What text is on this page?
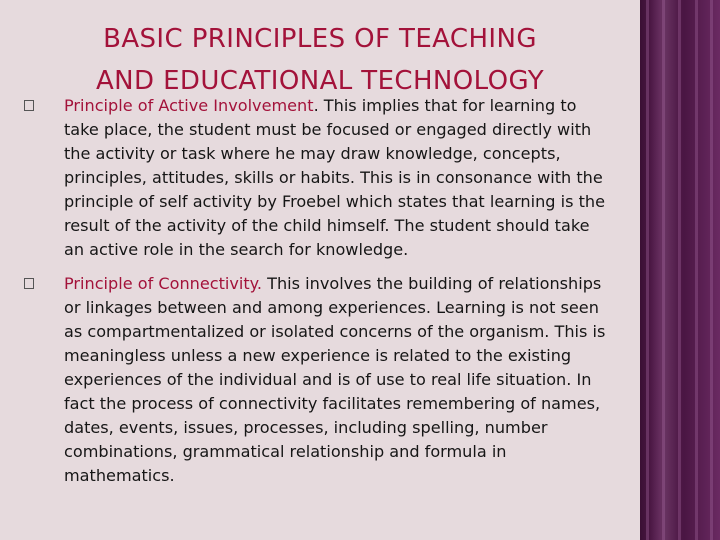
BASIC PRINCIPLES OF TEACHING
AND EDUCATIONAL TECHNOLOGY
Principle of Active Involvement. This implies that for learning to take place, the student must be focused or engaged directly with the activity or task where he may draw knowledge, concepts, principles, attitudes, skills or habits. This is in consonance with the principle of self activity by Froebel which states that learning is the result of the activity of the child himself. The student should take an active role in the search for knowledge.
Principle of Connectivity. This involves the building of relationships or linkages between and among experiences. Learning is not seen as compartmentalized or isolated concerns of the organism. This is meaningless unless a new experience is related to the existing experiences of the individual and is of use to real life situation. In fact the process of connectivity facilitates remembering of names, dates, events, issues, processes, including spelling, number combinations, grammatical relationship and formula in mathematics.
